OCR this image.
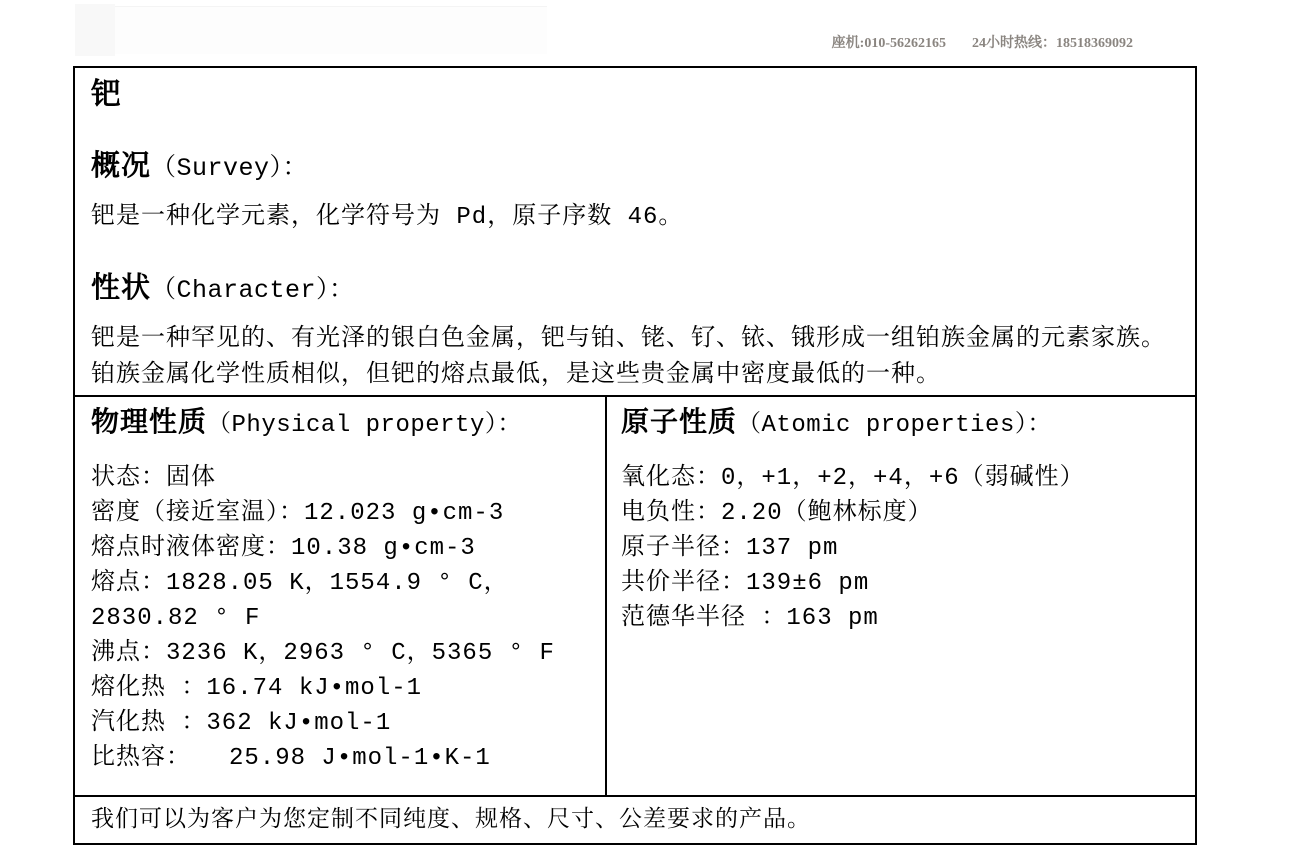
座机:010-56262165 24小时热线：18518369092
钯
概况（Survey）：

钯是一种化学元素，化学符号为 Pd，原子序数 46。

性状（Character）：

钯是一种罕见的、有光泽的银白色金属，钯与铂、铑、钌、铱、锇形成一组铂族金属的元素家族。铂族金属化学性质相似，但钯的熔点最低，是这些贵金属中密度最低的一种。

物理性质（Physical property）：
状态：固体
密度（接近室温）：12.023 g•cm-3
熔点时液体密度：10.38 g•cm-3
熔点：1828.05 K，1554.9 ° C，2830.82 ° F
沸点：3236 K，2963 ° C，5365 ° F
熔化热 ：16.74 kJ•mol-1
汽化热 ：362 kJ•mol-1
比热容：　　25.98 J•mol-1•K-1
原子性质（Atomic properties）：
氧化态：0，+1，+2，+4，+6（弱碱性）
电负性：2.20（鲍林标度）
原子半径：137 pm
共价半径：139±6 pm
范德华半径 ：163 pm
我们可以为客户为您定制不同纯度、规格、尺寸、公差要求的产品。
